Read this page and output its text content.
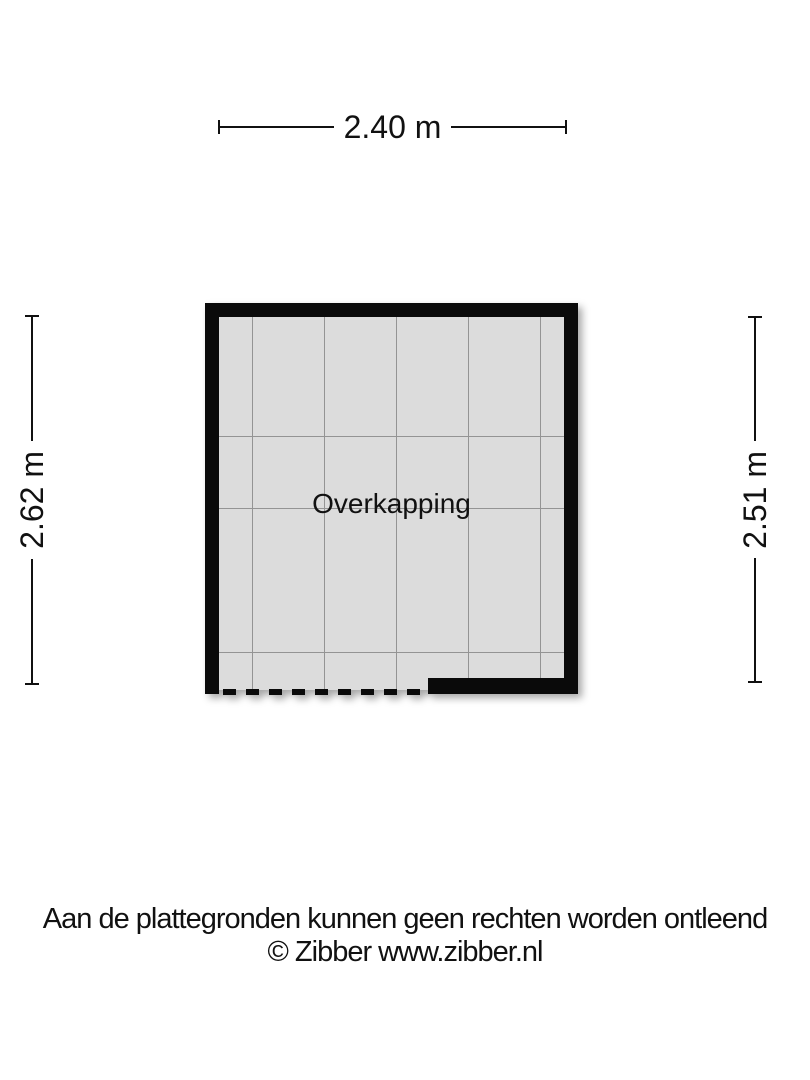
2.40 m
2.62 m	2.51 m
Overkapping
Aan de plattegronden kunnen geen rechten worden ontleend
© Zibber www.zibber.nl
